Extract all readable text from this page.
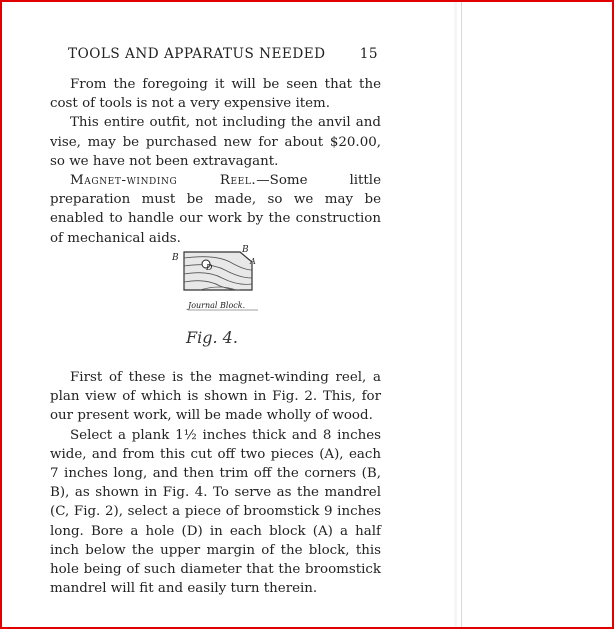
TOOLS AND APPARATUS NEEDED	15

From the foregoing it will be seen that the cost of tools is not a very expensive item.

This entire outfit, not including the anvil and vise, may be purchased new for about $20.00, so we have not been extravagant.

Magnet-winding Reel.—Some little preparation must be made, so we may be enabled to handle our work by the construction of mechanical aids.

B
B
A
D
Journal Block.
Fig. 4.

First of these is the magnet-winding reel, a plan view of which is shown in Fig. 2. This, for our present work, will be made wholly of wood.

Select a plank 1½ inches thick and 8 inches wide, and from this cut off two pieces (A), each 7 inches long, and then trim off the corners (B, B), as shown in Fig. 4. To serve as the mandrel (C, Fig. 2), select a piece of broomstick 9 inches long. Bore a hole (D) in each block (A) a half inch below the upper margin of the block, this hole being of such diameter that the broomstick mandrel will fit and easily turn therein.
